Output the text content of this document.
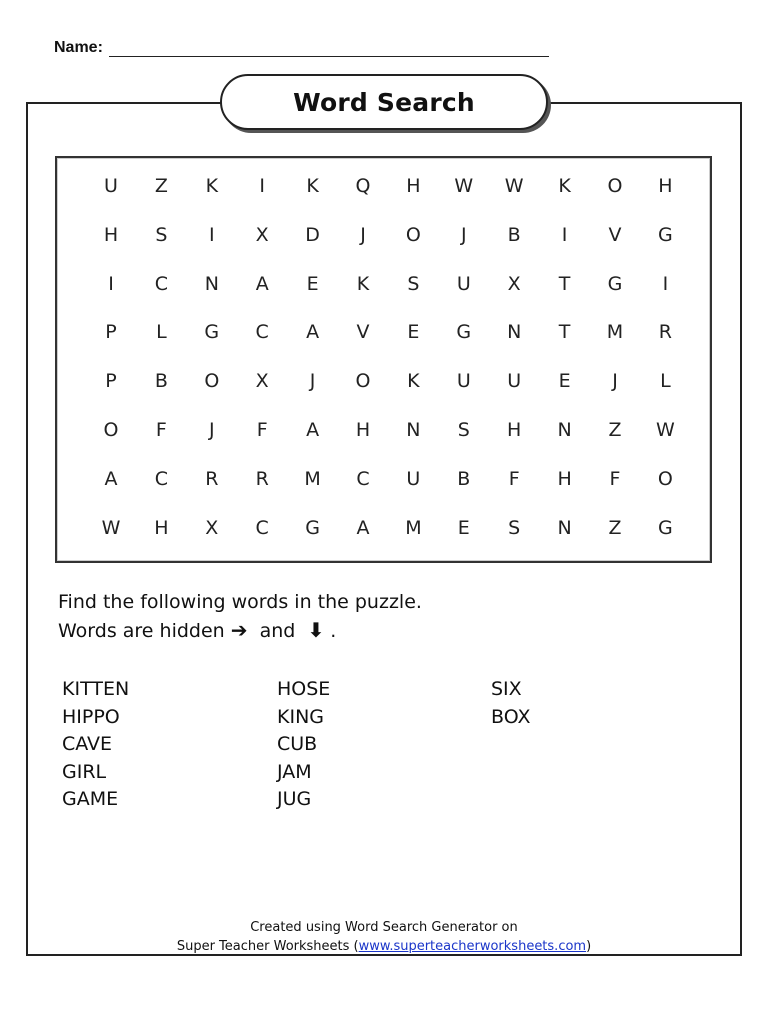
Name:
Word Search
U	Z	K	I	K	Q	H	W	W	K	O	H
H	S	I	X	D	J	O	J	B	I	V	G
I	C	N	A	E	K	S	U	X	T	G	I
P	L	G	C	A	V	E	G	N	T	M	R
P	B	O	X	J	O	K	U	U	E	J	L
O	F	J	F	A	H	N	S	H	N	Z	W
A	C	R	R	M	C	U	B	F	H	F	O
W	H	X	C	G	A	M	E	S	N	Z	G
Find the following words in the puzzle.
Words are hidden ➔ and ⬇ .
KITTEN
HIPPO
CAVE
GIRL
GAME
HOSE
KING
CUB
JAM
JUG
SIX
BOX
Created using Word Search Generator on
Super Teacher Worksheets (www.superteacherworksheets.com)
